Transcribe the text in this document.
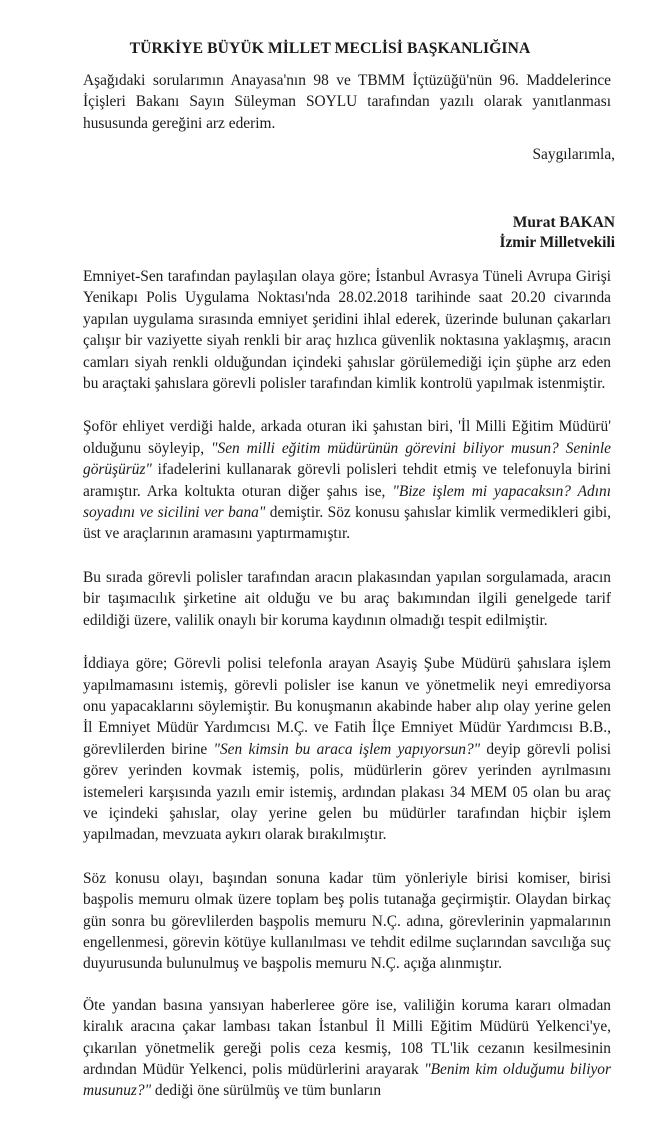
TÜRKİYE BÜYÜK MİLLET MECLİSİ BAŞKANLIĞINA

Aşağıdaki sorularımın Anayasa'nın 98 ve TBMM İçtüzüğü'nün 96. Maddelerince İçişleri Bakanı Sayın Süleyman SOYLU tarafından yazılı olarak yanıtlanması hususunda gereğini arz ederim.

Saygılarımla,
Murat BAKAN
İzmir Milletvekili

Emniyet-Sen tarafından paylaşılan olaya göre; İstanbul Avrasya Tüneli Avrupa Girişi Yenikapı Polis Uygulama Noktası'nda 28.02.2018 tarihinde saat 20.20 civarında yapılan uygulama sırasında emniyet şeridini ihlal ederek, üzerinde bulunan çakarları çalışır bir vaziyette siyah renkli bir araç hızlıca güvenlik noktasına yaklaşmış, aracın camları siyah renkli olduğundan içindeki şahıslar görülemediği için şüphe arz eden bu araçtaki şahıslara görevli polisler tarafından kimlik kontrolü yapılmak istenmiştir.

Şoför ehliyet verdiği halde, arkada oturan iki şahıstan biri, 'İl Milli Eğitim Müdürü' olduğunu söyleyip, "Sen milli eğitim müdürünün görevini biliyor musun? Seninle görüşürüz" ifadelerini kullanarak görevli polisleri tehdit etmiş ve telefonuyla birini aramıştır. Arka koltukta oturan diğer şahıs ise, "Bize işlem mi yapacaksın? Adını soyadını ve sicilini ver bana" demiştir. Söz konusu şahıslar kimlik vermedikleri gibi, üst ve araçlarının aramasını yaptırmamıştır.

Bu sırada görevli polisler tarafından aracın plakasından yapılan sorgulamada, aracın bir taşımacılık şirketine ait olduğu ve bu araç bakımından ilgili genelgede tarif edildiği üzere, valilik onaylı bir koruma kaydının olmadığı tespit edilmiştir.

İddiaya göre; Görevli polisi telefonla arayan Asayiş Şube Müdürü şahıslara işlem yapılmamasını istemiş, görevli polisler ise kanun ve yönetmelik neyi emrediyorsa onu yapacaklarını söylemiştir. Bu konuşmanın akabinde haber alıp olay yerine gelen İl Emniyet Müdür Yardımcısı M.Ç. ve Fatih İlçe Emniyet Müdür Yardımcısı B.B., görevlilerden birine "Sen kimsin bu araca işlem yapıyorsun?" deyip görevli polisi görev yerinden kovmak istemiş, polis, müdürlerin görev yerinden ayrılmasını istemeleri karşısında yazılı emir istemiş, ardından plakası 34 MEM 05 olan bu araç ve içindeki şahıslar, olay yerine gelen bu müdürler tarafından hiçbir işlem yapılmadan, mevzuata aykırı olarak bırakılmıştır.

Söz konusu olayı, başından sonuna kadar tüm yönleriyle birisi komiser, birisi başpolis memuru olmak üzere toplam beş polis tutanağa geçirmiştir. Olaydan birkaç gün sonra bu görevlilerden başpolis memuru N.Ç. adına, görevlerinin yapmalarının engellenmesi, görevin kötüye kullanılması ve tehdit edilme suçlarından savcılığa suç duyurusunda bulunulmuş ve başpolis memuru N.Ç. açığa alınmıştır.

Öte yandan basına yansıyan haberleree göre ise, valiliğin koruma kararı olmadan kiralık aracına çakar lambası takan İstanbul İl Milli Eğitim Müdürü Yelkenci'ye, çıkarılan yönetmelik gereği polis ceza kesmiş, 108 TL'lik cezanın kesilmesinin ardından Müdür Yelkenci, polis müdürlerini arayarak "Benim kim olduğumu biliyor musunuz?" dediği öne sürülmüş ve tüm bunların
